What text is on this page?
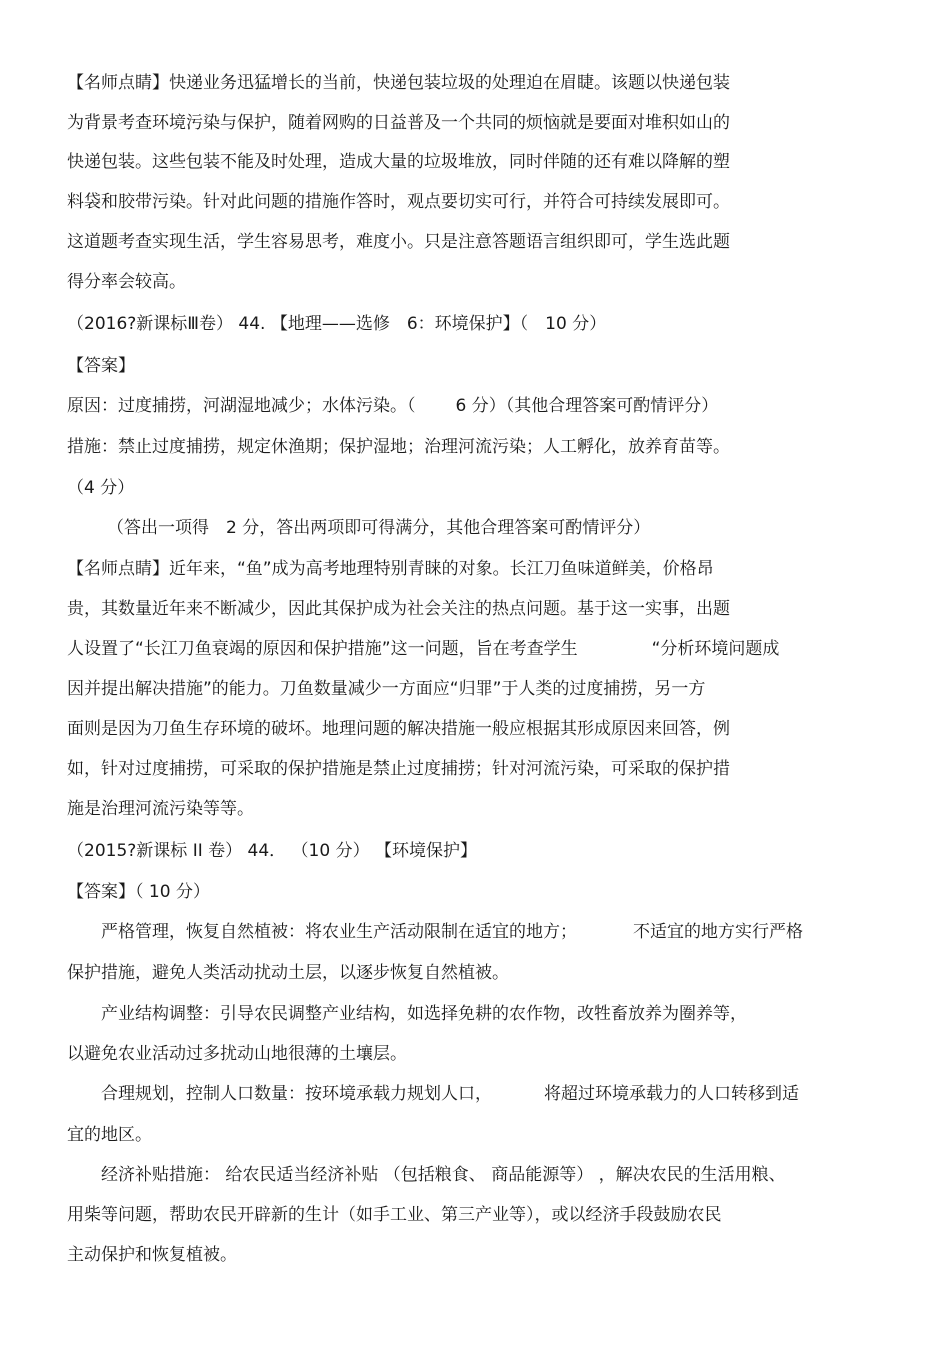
【名师点睛】快递业务迅猛增长的当前，快递包装垃圾的处理迫在眉睫。该题以快递包装
为背景考查环境污染与保护，随着网购的日益普及一个共同的烦恼就是要面对堆积如山的
快递包装。这些包装不能及时处理，造成大量的垃圾堆放，同时伴随的还有难以降解的塑
料袋和胶带污染。针对此问题的措施作答时，观点要切实可行，并符合可持续发展即可。
这道题考查实现生活，学生容易思考，难度小。只是注意答题语言组织即可，学生选此题
得分率会较高。
（2016?新课标Ⅲ卷） 44. 【地理——选修　6：环境保护】（　10 分）
【答案】
原因：过度捕捞，河湖湿地减少；水体污染。（ 6 分）（其他合理答案可酌情评分）
措施：禁止过度捕捞，规定休渔期；保护湿地；治理河流污染；人工孵化，放养育苗等。
（4 分）
（答出一项得　2 分，答出两项即可得满分，其他合理答案可酌情评分）
【名师点睛】近年来，“鱼”成为高考地理特别青睐的对象。长江刀鱼味道鲜美，价格昂
贵，其数量近年来不断减少，因此其保护成为社会关注的热点问题。基于这一实事，出题
人设置了“长江刀鱼衰竭的原因和保护措施”这一问题，旨在考查学生	“分析环境问题成
因并提出解决措施”的能力。刀鱼数量减少一方面应“归罪”于人类的过度捕捞，另一方
面则是因为刀鱼生存环境的破坏。地理问题的解决措施一般应根据其形成原因来回答，例
如，针对过度捕捞，可采取的保护措施是禁止过度捕捞；针对河流污染，可采取的保护措
施是治理河流污染等等。
（2015?新课标 II 卷） 44． （10 分） 【环境保护】
【答案】（ 10 分）
严格管理，恢复自然植被：将农业生产活动限制在适宜的地方；	不适宜的地方实行严格
保护措施，避免人类活动扰动土层，以逐步恢复自然植被。
产业结构调整：引导农民调整产业结构，如选择免耕的农作物，改牲畜放养为圈养等，
以避免农业活动过多扰动山地很薄的土壤层。
合理规划，控制人口数量：按环境承载力规划人口，	将超过环境承载力的人口转移到适
宜的地区。
经济补贴措施： 给农民适当经济补贴 （包括粮食、 商品能源等） ，解决农民的生活用粮、
用柴等问题，帮助农民开辟新的生计（如手工业、第三产业等），或以经济手段鼓励农民
主动保护和恢复植被。
